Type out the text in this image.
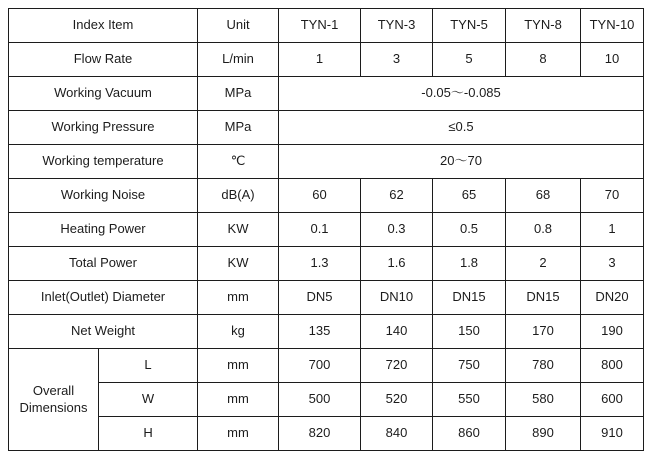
Index Item		Unit	TYN-1	TYN-3	TYN-5	TYN-8	TYN-10
Flow Rate		L/min	1	3	5	8	10
Working Vacuum		MPa	-0.05～-0.085				
Working Pressure		MPa	≤0.5				
Working temperature		℃	20～70				
Working Noise		dB(A)	60	62	65	68	70
Heating Power		KW	0.1	0.3	0.5	0.8	1
Total Power		KW	1.3	1.6	1.8	2	3
Inlet(Outlet) Diameter		mm	DN5	DN10	DN15	DN15	DN20
Net Weight		kg	135	140	150	170	190
Overall Dimensions	L	mm	700	720	750	780	800
	W	mm	500	520	550	580	600
	H	mm	820	840	860	890	910
